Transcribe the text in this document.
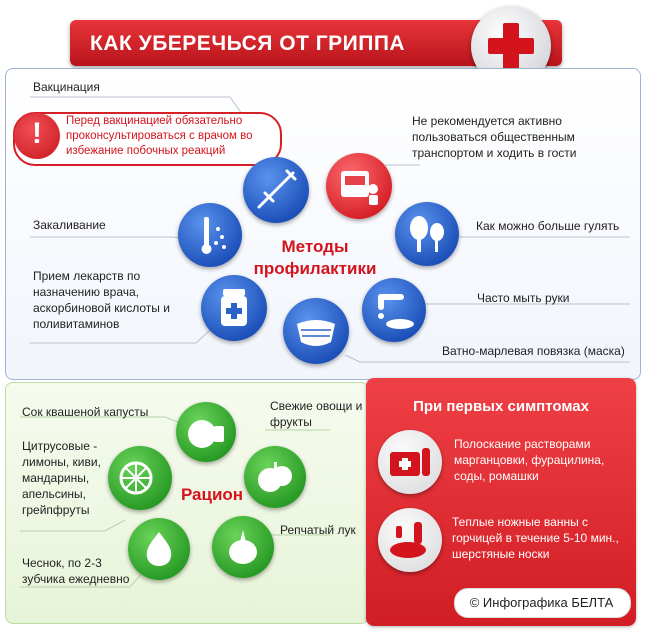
КАК УБЕРЕЧЬСЯ ОТ ГРИППА
!	Перед вакцинацией обязательно проконсультироваться с врачом во избежание побочных реакций
Вакцинация
Закаливание
Прием лекарств по назначению врача, аскорбиновой кислоты и поливитаминов
Не рекомендуется активно пользоваться общественным транспортом и ходить в гости
Как можно больше гулять
Часто мыть руки
Ватно-марлевая повязка (маска)
Методы
профилактики
Сок квашеной капусты
Цитрусовые - лимоны, киви, мандарины, апельсины, грейпфруты
Чеснок, по 2-3 зубчика ежедневно
Свежие овощи и фрукты
Репчатый лук
Рацион
При первых симптомах
Полоскание растворами марганцовки, фурацилина, соды, ромашки
Теплые ножные ванны с горчицей в течение 5-10 мин., шерстяные носки
© Инфографика БЕЛТА
